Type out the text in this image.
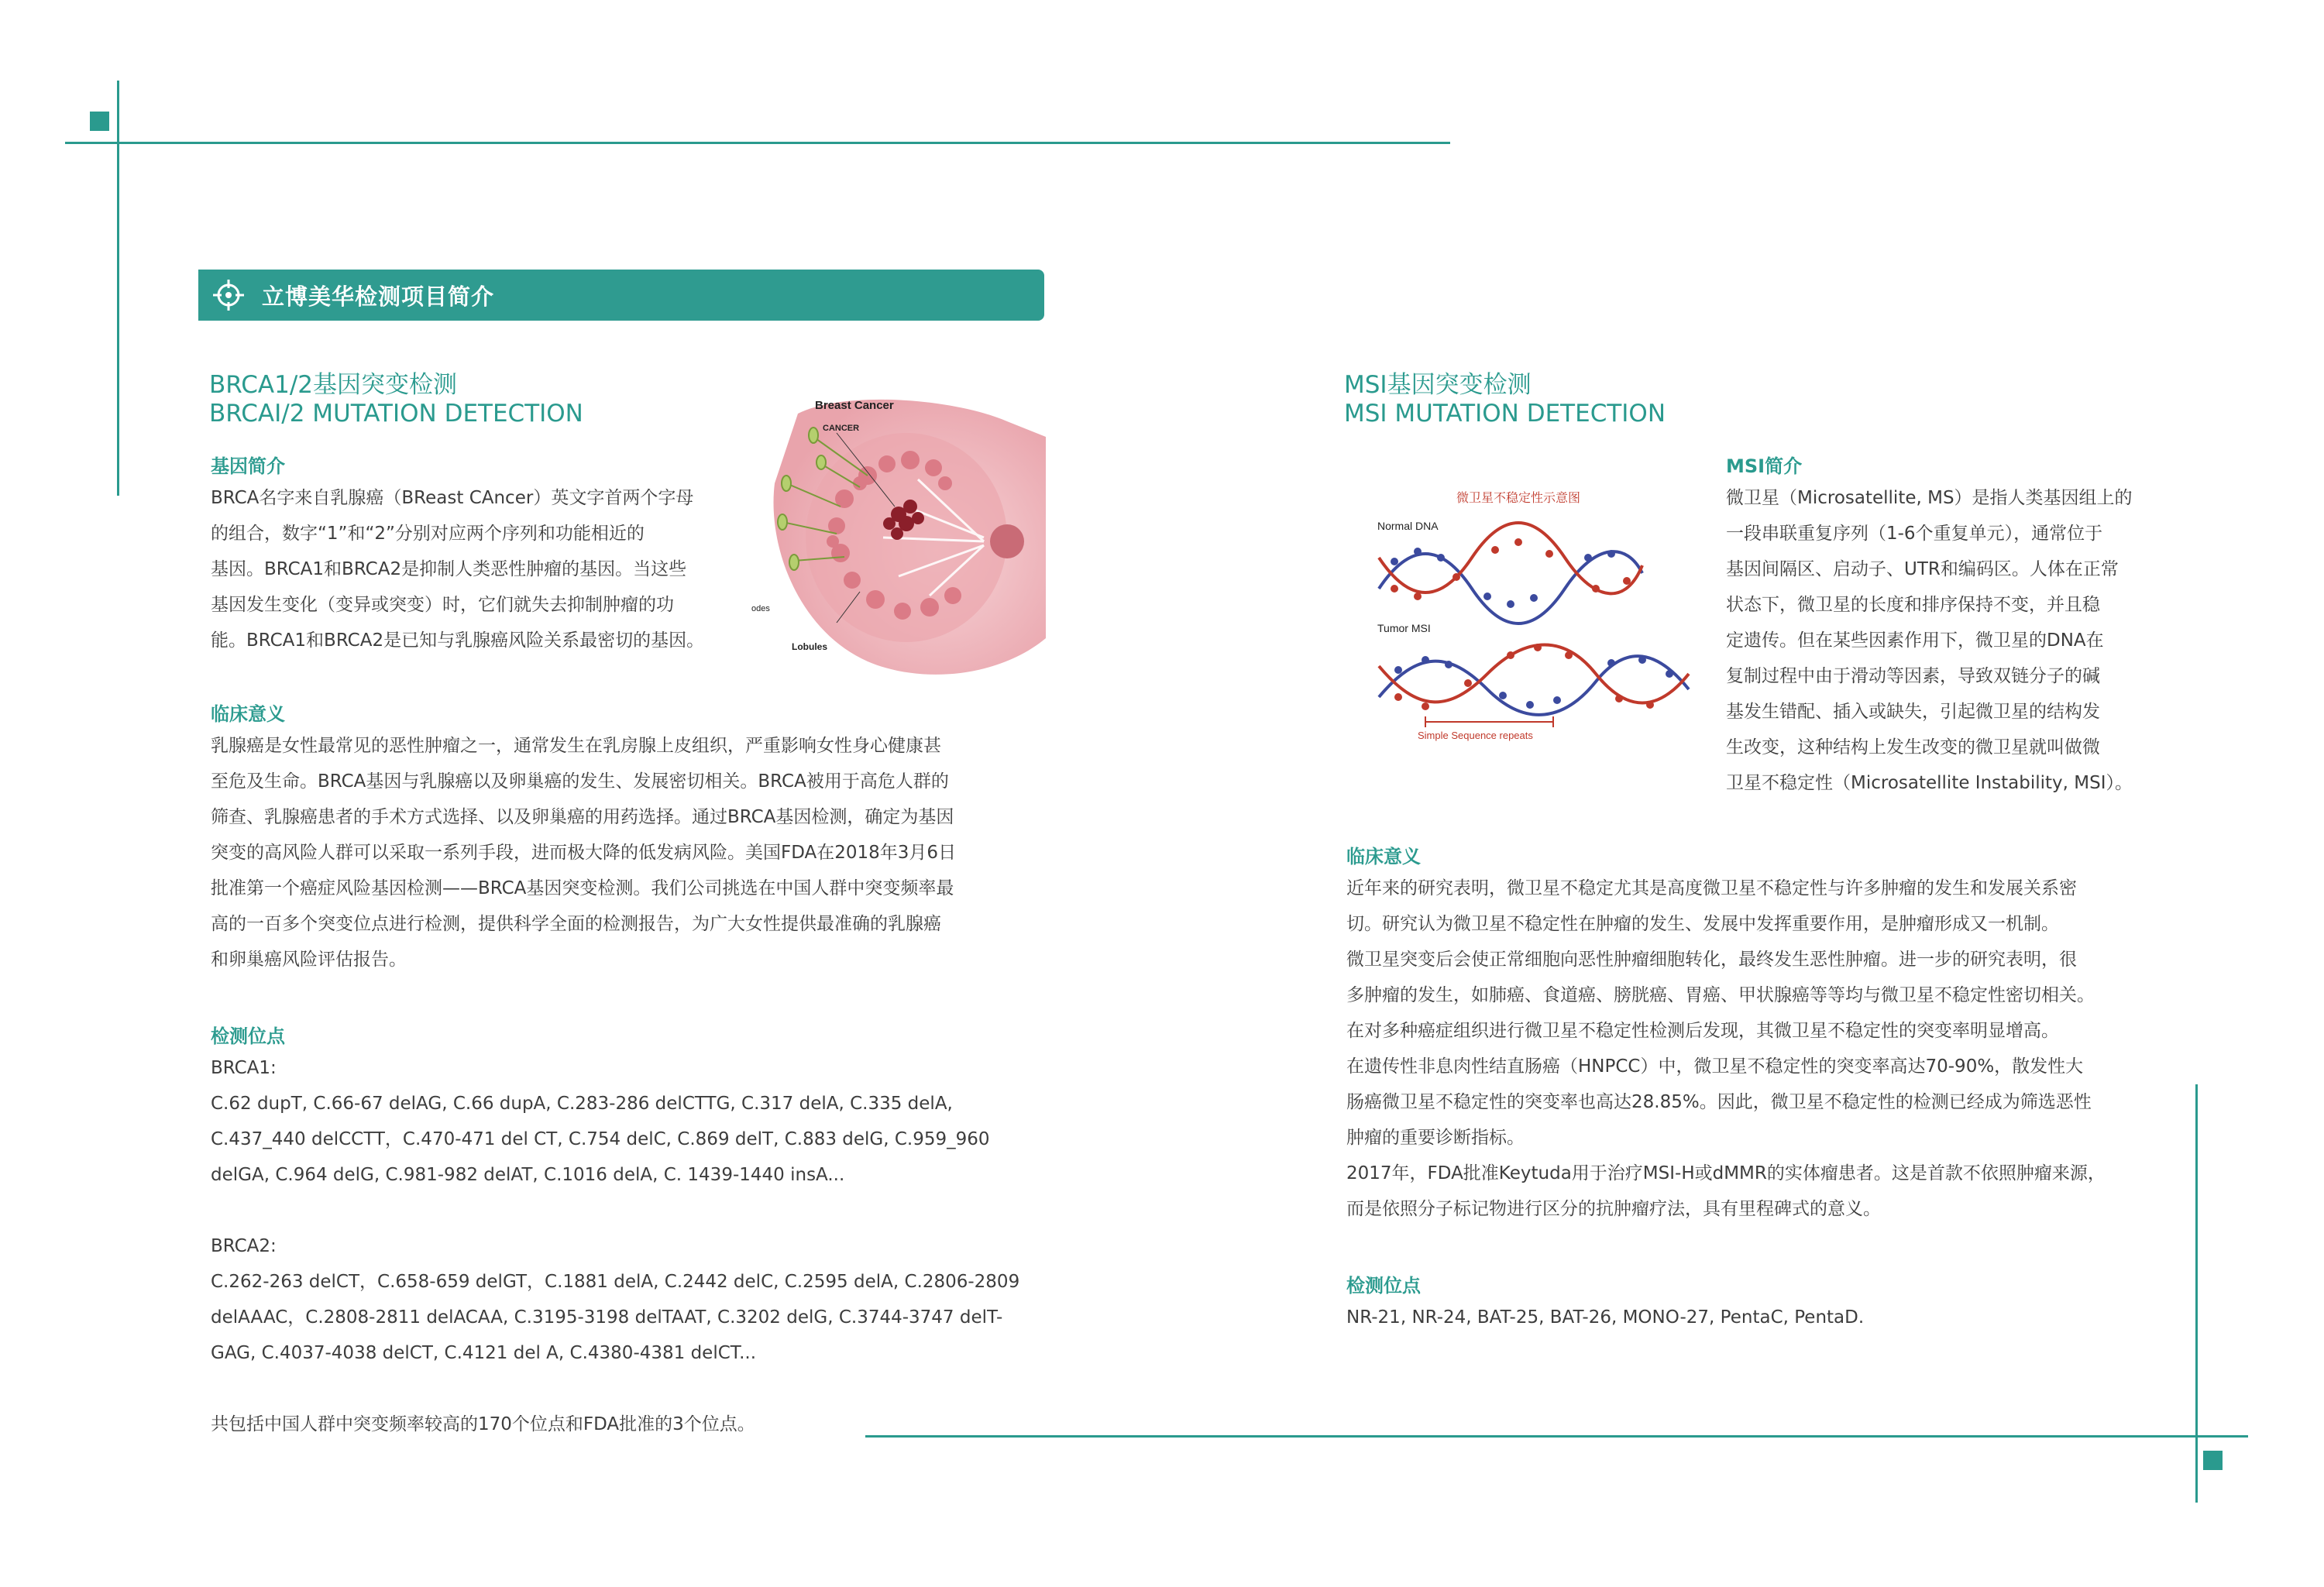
立博美华检测项目简介
BRCA1/2基因突变检测
BRCAI/2 MUTATION DETECTION
基因简介

BRCA名字来自乳腺癌（BReast CAncer）英文字首两个字母

的组合，数字“1”和“2”分别对应两个序列和功能相近的

基因。BRCA1和BRCA2是抑制人类恶性肿瘤的基因。当这些

基因发生变化（变异或突变）时，它们就失去抑制肿瘤的功

能。BRCA1和BRCA2是已知与乳腺癌风险关系最密切的基因。

Breast Cancer
CANCER
odes
Lobules
临床意义

乳腺癌是女性最常见的恶性肿瘤之一，通常发生在乳房腺上皮组织，严重影响女性身心健康甚

至危及生命。BRCA基因与乳腺癌以及卵巢癌的发生、发展密切相关。BRCA被用于高危人群的

筛查、乳腺癌患者的手术方式选择、以及卵巢癌的用药选择。通过BRCA基因检测，确定为基因

突变的高风险人群可以采取一系列手段，进而极大降的低发病风险。美国FDA在2018年3月6日

批准第一个癌症风险基因检测——BRCA基因突变检测。我们公司挑选在中国人群中突变频率最

高的一百多个突变位点进行检测，提供科学全面的检测报告，为广大女性提供最准确的乳腺癌

和卵巢癌风险评估报告。

检测位点

BRCA1:

C.62 dupT, C.66-67 delAG, C.66 dupA, C.283-286 delCTTG, C.317 delA, C.335 delA,

C.437_440 delCCTT，C.470-471 del CT, C.754 delC, C.869 delT, C.883 delG, C.959_960

delGA, C.964 delG, C.981-982 delAT, C.1016 delA, C. 1439-1440 insA...

BRCA2:

C.262-263 delCT，C.658-659 delGT，C.1881 delA, C.2442 delC, C.2595 delA, C.2806-2809

delAAAC，C.2808-2811 delACAA, C.3195-3198 delTAAT, C.3202 delG, C.3744-3747 delT-

GAG, C.4037-4038 delCT, C.4121 del A, C.4380-4381 delCT...

共包括中国人群中突变频率较高的170个位点和FDA批准的3个位点。

MSI基因突变检测
MSI MUTATION DETECTION
微卫星不稳定性示意图
Normal DNA
Tumor MSI
Simple Sequence repeats
MSI简介

微卫星（Microsatellite, MS）是指人类基因组上的

一段串联重复序列（1-6个重复单元），通常位于

基因间隔区、启动子、UTR和编码区。人体在正常

状态下，微卫星的长度和排序保持不变，并且稳

定遗传。但在某些因素作用下，微卫星的DNA在

复制过程中由于滑动等因素，导致双链分子的碱

基发生错配、插入或缺失，引起微卫星的结构发

生改变，这种结构上发生改变的微卫星就叫做微

卫星不稳定性（Microsatellite Instability, MSI）。

临床意义

近年来的研究表明，微卫星不稳定尤其是高度微卫星不稳定性与许多肿瘤的发生和发展关系密

切。研究认为微卫星不稳定性在肿瘤的发生、发展中发挥重要作用，是肿瘤形成又一机制。

微卫星突变后会使正常细胞向恶性肿瘤细胞转化，最终发生恶性肿瘤。进一步的研究表明，很

多肿瘤的发生，如肺癌、食道癌、膀胱癌、胃癌、甲状腺癌等等均与微卫星不稳定性密切相关。

在对多种癌症组织进行微卫星不稳定性检测后发现，其微卫星不稳定性的突变率明显增高。

在遗传性非息肉性结直肠癌（HNPCC）中，微卫星不稳定性的突变率高达70-90%，散发性大

肠癌微卫星不稳定性的突变率也高达28.85%。因此，微卫星不稳定性的检测已经成为筛选恶性

肿瘤的重要诊断指标。

2017年，FDA批准Keytuda用于治疗MSI-H或dMMR的实体瘤患者。这是首款不依照肿瘤来源，

而是依照分子标记物进行区分的抗肿瘤疗法，具有里程碑式的意义。

检测位点

NR-21, NR-24, BAT-25, BAT-26, MONO-27, PentaC, PentaD.
